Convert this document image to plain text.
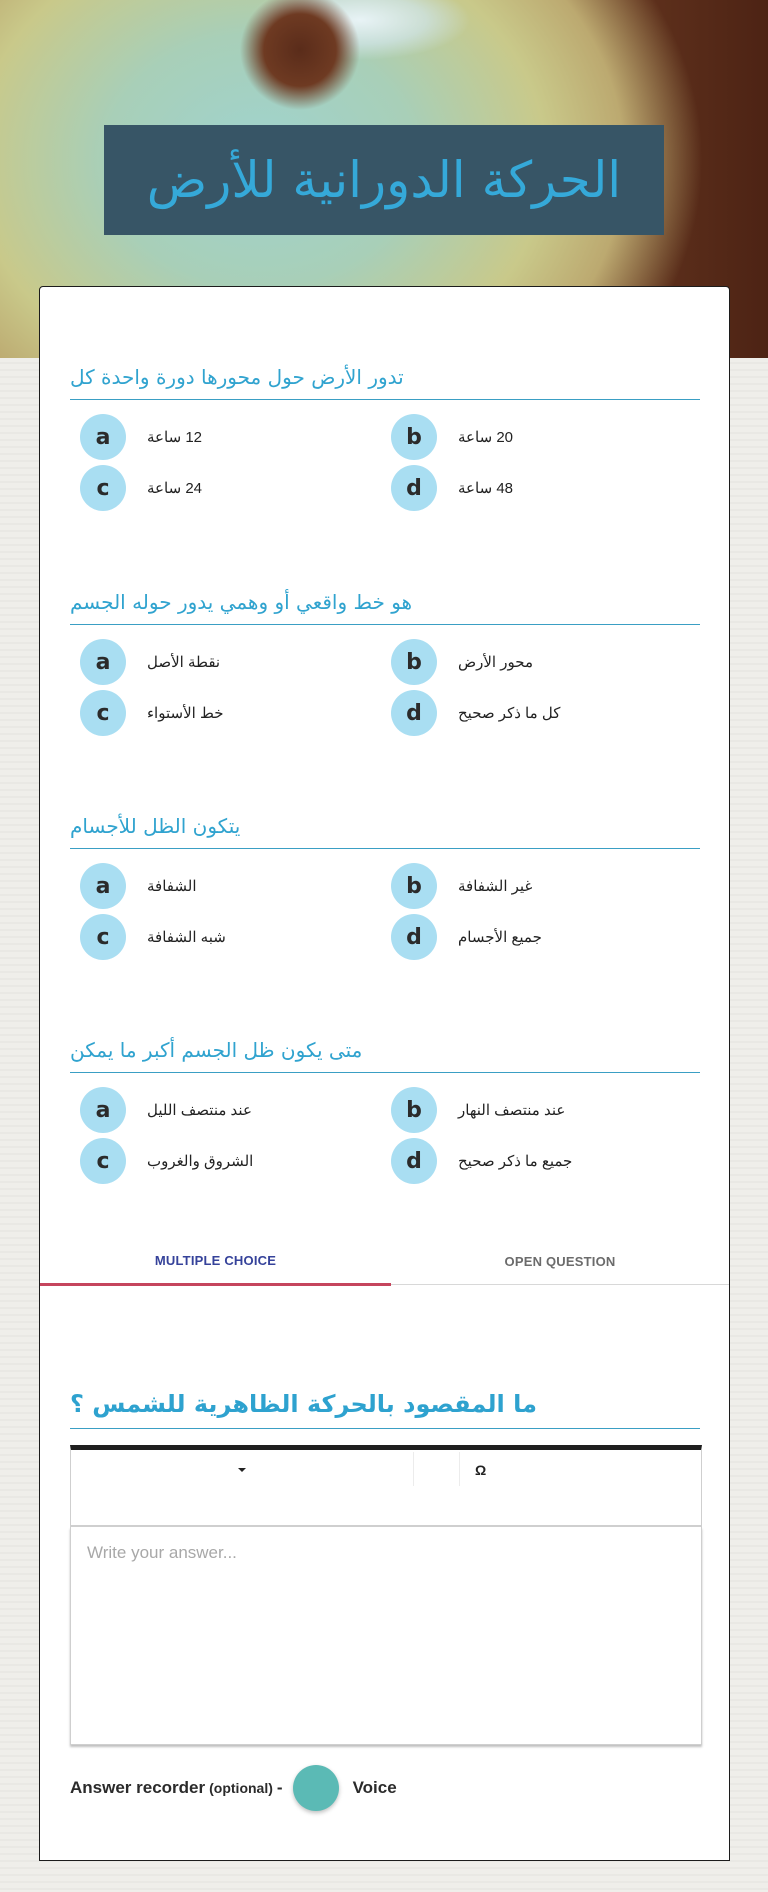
الحركة الدورانية للأرض
تدور الأرض حول محورها دورة واحدة كل
a	12 ساعة	b	20 ساعة
c	24 ساعة	d	48 ساعة
هو خط واقعي أو وهمي يدور حوله الجسم
a	نقطة الأصل	b	محور الأرض
c	خط الأستواء	d	كل ما ذكر صحيح
يتكون الظل للأجسام
a	الشفافة	b	غير الشفافة
c	شبه الشفافة	d	جميع الأجسام
متى يكون ظل الجسم أكبر ما يمكن
a	عند منتصف الليل	b	عند منتصف النهار
c	الشروق والغروب	d	جميع ما ذكر صحيح
MULTIPLE CHOICE	OPEN QUESTION
ما المقصود بالحركة الظاهرية للشمس ؟
Ω
Write your answer...
Answer recorder (optional) -	Voice
